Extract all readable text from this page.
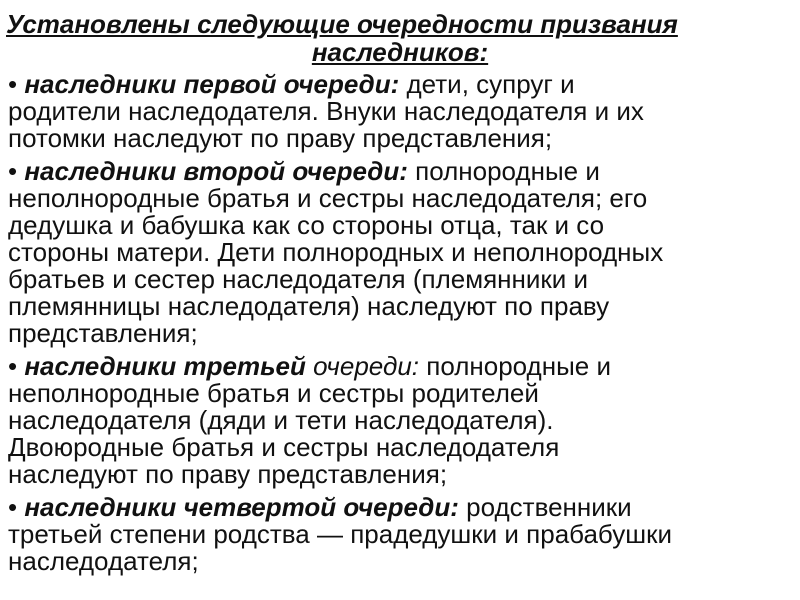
Установлены следующие очередности призвания
наследников:
• наследники первой очереди: дети, супруг и
родители наследодателя. Внуки наследодателя и их
потомки наследуют по праву представления;
• наследники второй очереди: полнородные и
неполнородные братья и сестры наследодателя; его
дедушка и бабушка как со стороны отца, так и со
стороны матери. Дети полнородных и неполнородных
братьев и сестер наследодателя (племянники и
племянницы наследодателя) наследуют по праву
представления;
• наследники третьей очереди: полнородные и
неполнородные братья и сестры родителей
наследодателя (дяди и тети наследодателя).
Двоюродные братья и сестры наследодателя
наследуют по праву представления;
• наследники четвертой очереди: родственники
третьей степени родства — прадедушки и прабабушки
наследодателя;
